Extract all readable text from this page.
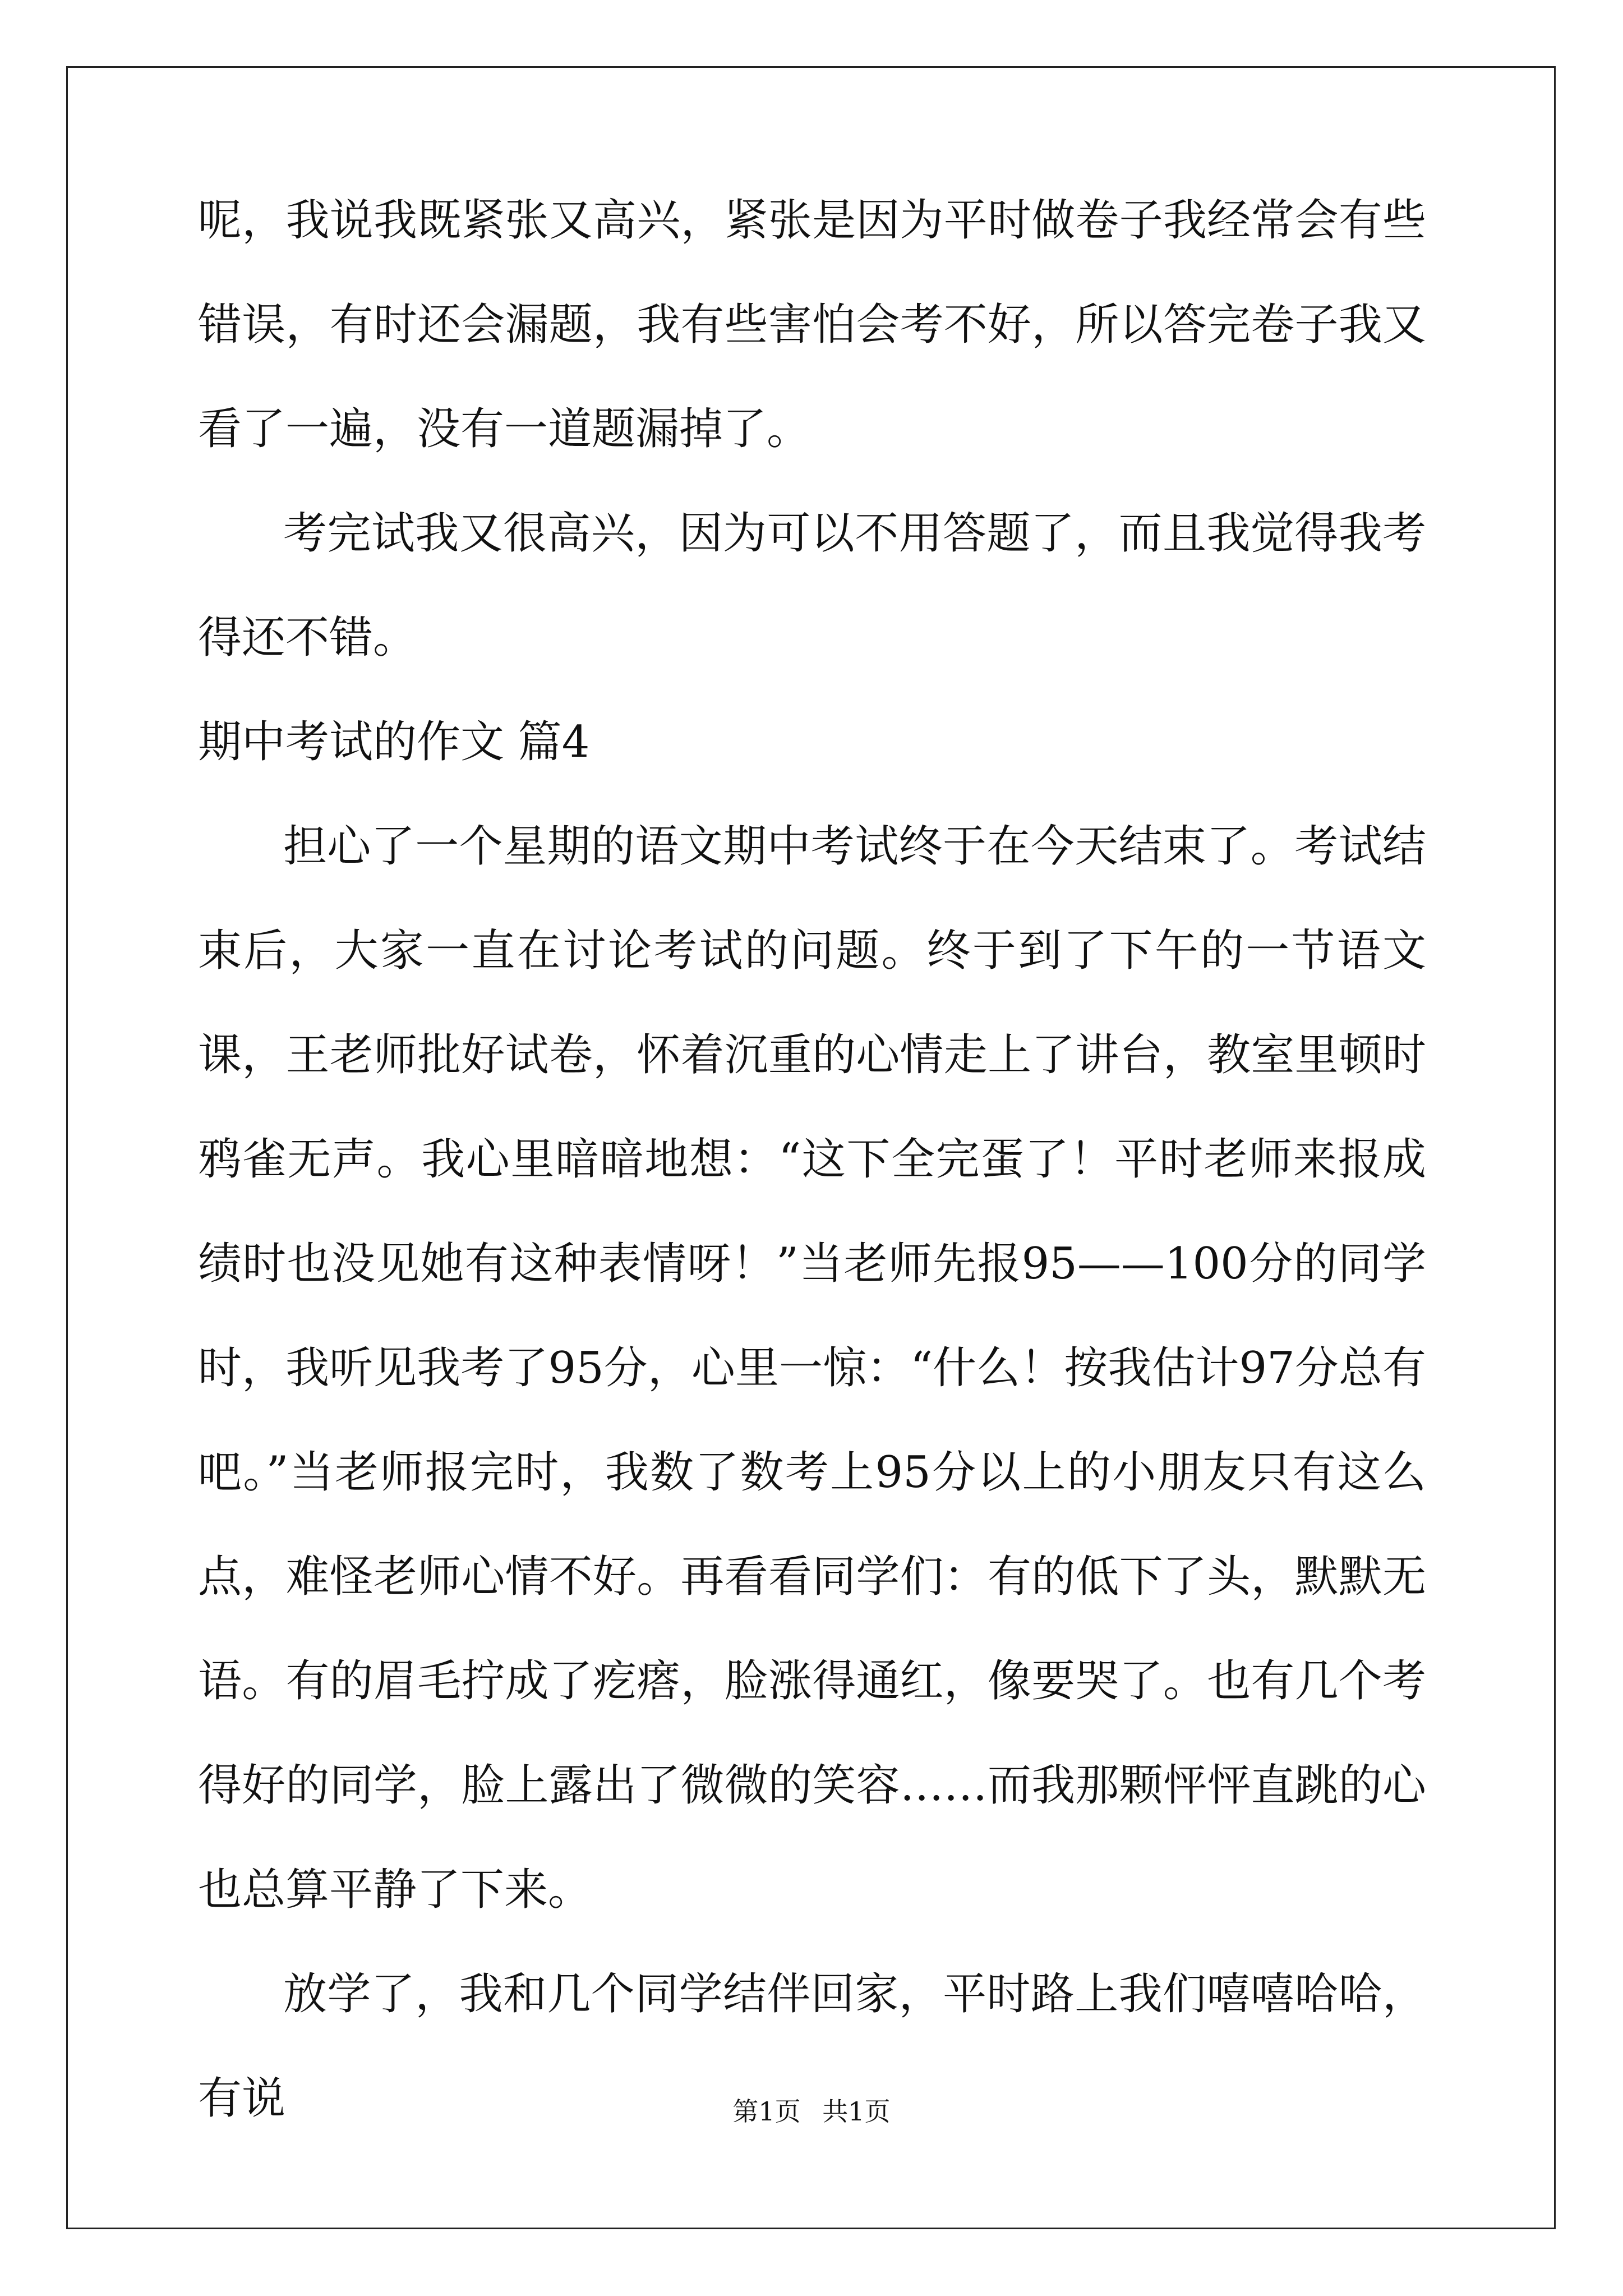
呢，我说我既紧张又高兴，紧张是因为平时做卷子我经常会有些错误，有时还会漏题，我有些害怕会考不好，所以答完卷子我又看了一遍，没有一道题漏掉了。

考完试我又很高兴，因为可以不用答题了，而且我觉得我考得还不错。

期中考试的作文 篇4

担心了一个星期的语文期中考试终于在今天结束了。考试结束后，大家一直在讨论考试的问题。终于到了下午的一节语文课，王老师批好试卷，怀着沉重的心情走上了讲台，教室里顿时鸦雀无声。我心里暗暗地想：“这下全完蛋了！平时老师来报成绩时也没见她有这种表情呀！”当老师先报95——100分的同学时，我听见我考了95分，心里一惊：“什么！按我估计97分总有吧。”当老师报完时，我数了数考上95分以上的小朋友只有这么点，难怪老师心情不好。再看看同学们：有的低下了头，默默无语。有的眉毛拧成了疙瘩，脸涨得通红，像要哭了。也有几个考得好的同学，脸上露出了微微的笑容……而我那颗怦怦直跳的心也总算平静了下来。

放学了，我和几个同学结伴回家，平时路上我们嘻嘻哈哈，有说	第1页 共1页
